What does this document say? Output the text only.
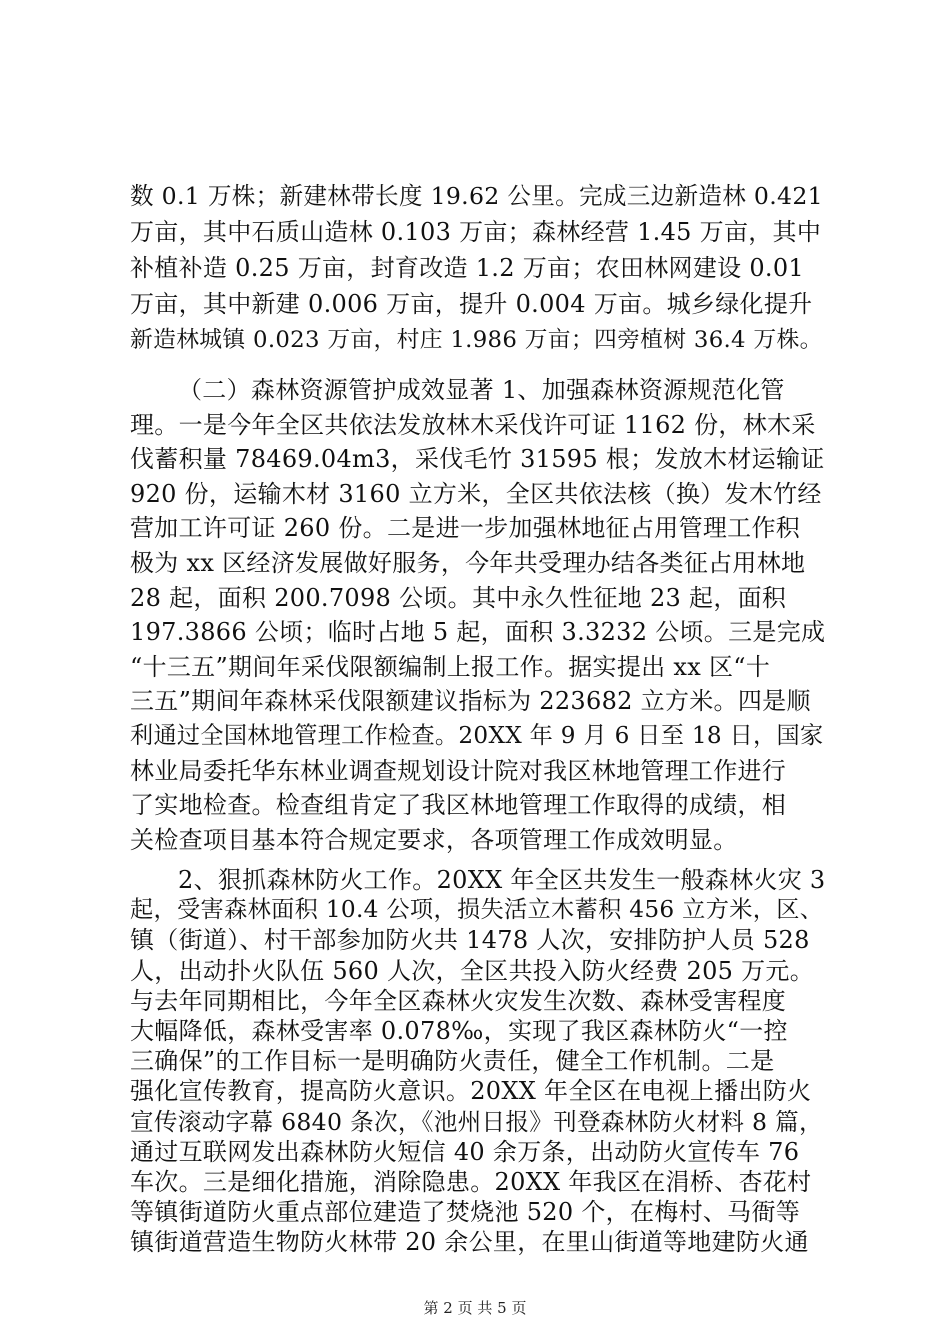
数 0.1 万株；新建林带长度 19.62 公里。完成三边新造林 0.421
万亩，其中石质山造林 0.103 万亩；森林经营 1.45 万亩，其中
补植补造 0.25 万亩，封育改造 1.2 万亩；农田林网建设 0.01
万亩，其中新建 0.006 万亩，提升 0.004 万亩。城乡绿化提升
新造林城镇 0.023 万亩，村庄 1.986 万亩；四旁植树 36.4 万株。
（二）森林资源管护成效显著 1、加强森林资源规范化管
理。一是今年全区共依法发放林木采伐许可证 1162 份，林木采
伐蓄积量 78469.04m3，采伐毛竹 31595 根；发放木材运输证
920 份，运输木材 3160 立方米，全区共依法核（换）发木竹经
营加工许可证 260 份。二是进一步加强林地征占用管理工作积
极为 xx 区经济发展做好服务，今年共受理办结各类征占用林地
28 起，面积 200.7098 公顷。其中永久性征地 23 起，面积
197.3866 公顷；临时占地 5 起，面积 3.3232 公顷。三是完成
“十三五”期间年采伐限额编制上报工作。据实提出 xx 区“十
三五”期间年森林采伐限额建议指标为 223682 立方米。四是顺
利通过全国林地管理工作检查。20XX 年 9 月 6 日至 18 日，国家
林业局委托华东林业调查规划设计院对我区林地管理工作进行
了实地检查。检查组肯定了我区林地管理工作取得的成绩，相
关检查项目基本符合规定要求，各项管理工作成效明显。
2、狠抓森林防火工作。20XX 年全区共发生一般森林火灾 3
起，受害森林面积 10.4 公项，损失活立木蓄积 456 立方米，区、
镇（街道）、村干部参加防火共 1478 人次，安排防护人员 528
人，出动扑火队伍 560 人次，全区共投入防火经费 205 万元。
与去年同期相比，今年全区森林火灾发生次数、森林受害程度
大幅降低，森林受害率 0.078‰，实现了我区森林防火“一控
三确保”的工作目标一是明确防火责任，健全工作机制。二是
强化宣传教育，提高防火意识。20XX 年全区在电视上播出防火
宣传滚动字幕 6840 条次，《池州日报》刊登森林防火材料 8 篇，
通过互联网发出森林防火短信 40 余万条，出动防火宣传车 76
车次。三是细化措施，消除隐患。20XX 年我区在涓桥、杏花村
等镇街道防火重点部位建造了焚烧池 520 个，在梅村、马衙等
镇街道营造生物防火林带 20 余公里，在里山街道等地建防火通
第 2 页 共 5 页
